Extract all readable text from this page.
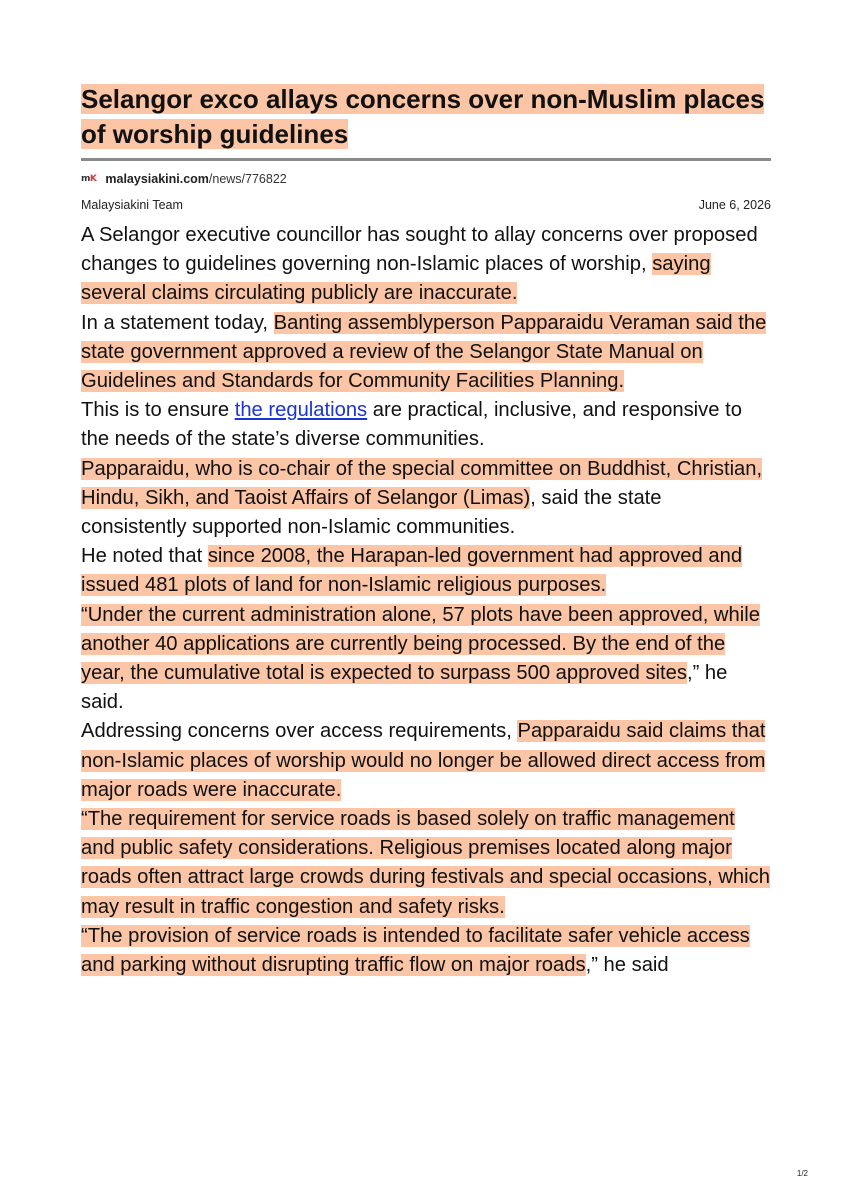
Selangor exco allays concerns over non-Muslim places of worship guidelines
mK malaysiakini.com /news/776822
Malaysiakini Team	June 6, 2026

A Selangor executive councillor has sought to allay concerns over proposed changes to guidelines governing non-Islamic places of worship, saying several claims circulating publicly are inaccurate.

In a statement today, Banting assemblyperson Papparaidu Veraman said the state government approved a review of the Selangor State Manual on Guidelines and Standards for Community Facilities Planning.

This is to ensure the regulations are practical, inclusive, and responsive to the needs of the state’s diverse communities.

Papparaidu, who is co-chair of the special committee on Buddhist, Christian, Hindu, Sikh, and Taoist Affairs of Selangor (Limas), said the state consistently supported non-Islamic communities.

He noted that since 2008, the Harapan-led government had approved and issued 481 plots of land for non-Islamic religious purposes.

“Under the current administration alone, 57 plots have been approved, while another 40 applications are currently being processed. By the end of the year, the cumulative total is expected to surpass 500 approved sites,” he said.

Addressing concerns over access requirements, Papparaidu said claims that non-Islamic places of worship would no longer be allowed direct access from major roads were inaccurate.

“The requirement for service roads is based solely on traffic management and public safety considerations. Religious premises located along major roads often attract large crowds during festivals and special occasions, which may result in traffic congestion and safety risks.

“The provision of service roads is intended to facilitate safer vehicle access and parking without disrupting traffic flow on major roads,” he said

1/2
